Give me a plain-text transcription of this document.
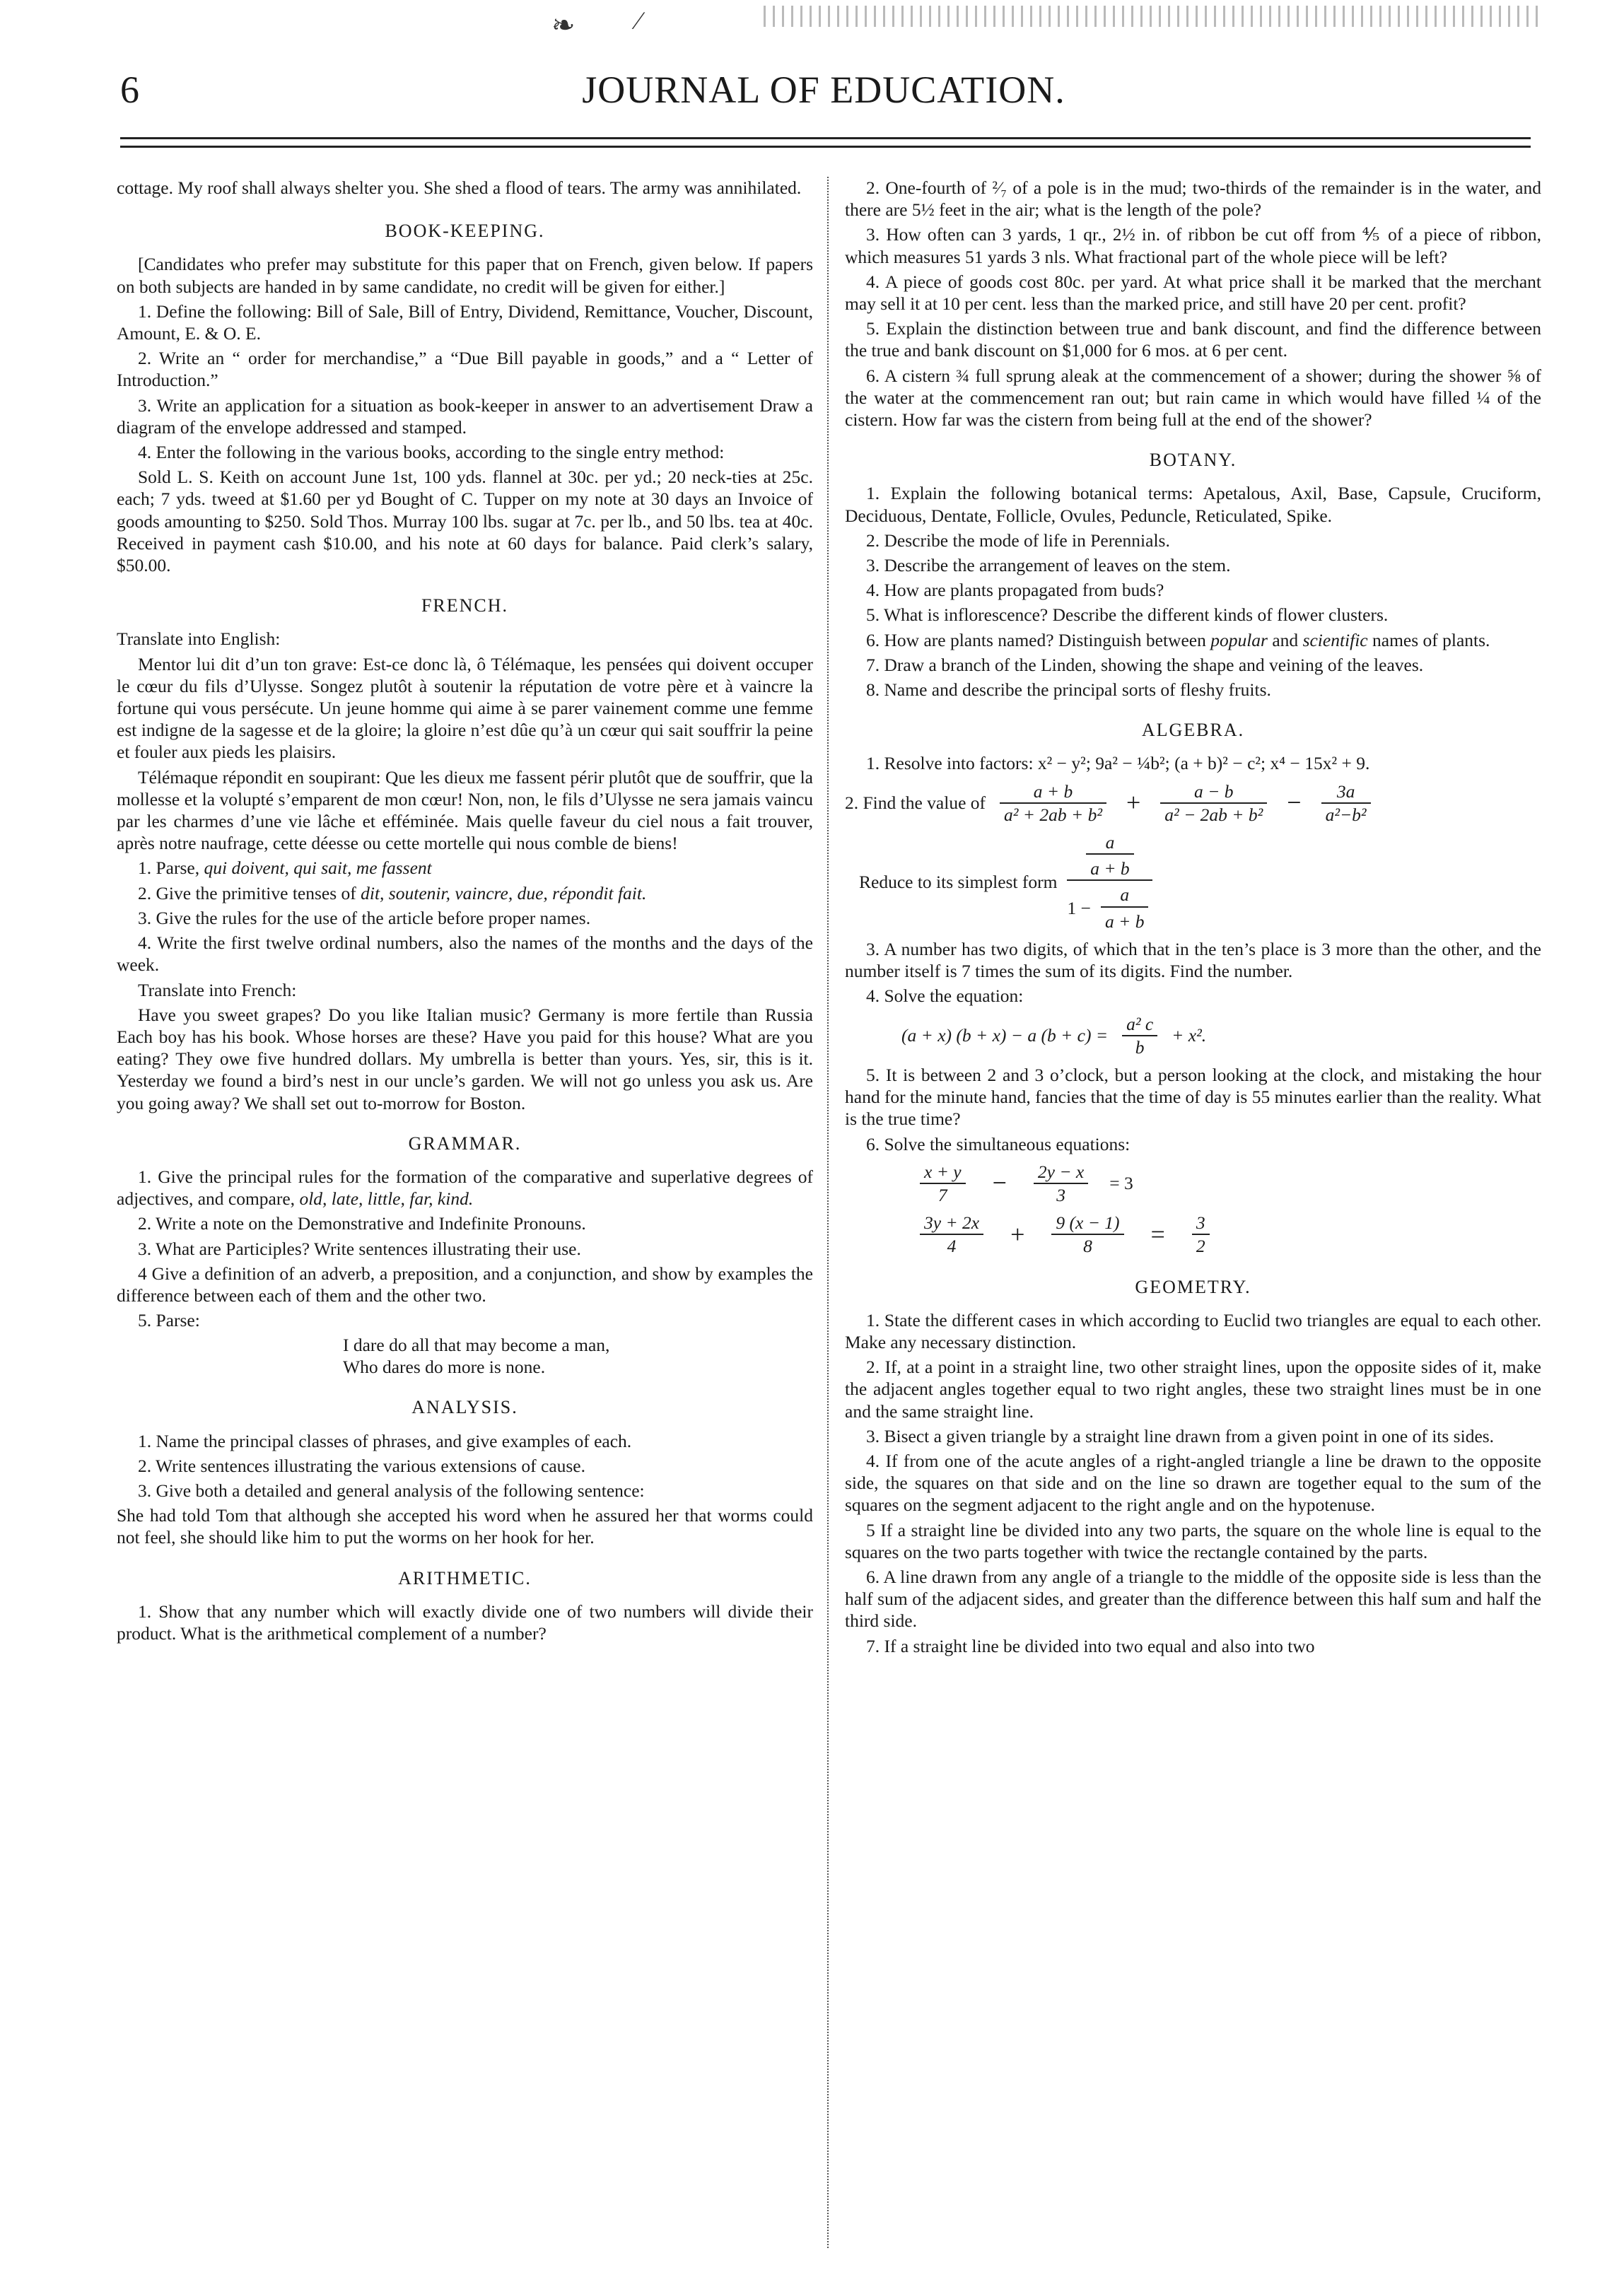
❧ ∕
6	JOURNAL OF EDUCATION.

cottage. My roof shall always shelter you. She shed a flood of tears. The army was annihilated.

BOOK-KEEPING.

[Candidates who prefer may substitute for this paper that on French, given below. If papers on both subjects are handed in by same candidate, no credit will be given for either.]

1. Define the following: Bill of Sale, Bill of Entry, Dividend, Remittance, Voucher, Discount, Amount, E. & O. E.

2. Write an “ order for merchandise,” a “Due Bill payable in goods,” and a “ Letter of Introduction.”

3. Write an application for a situation as book-keeper in answer to an advertisement Draw a diagram of the envelope addressed and stamped.

4. Enter the following in the various books, according to the single entry method:

Sold L. S. Keith on account June 1st, 100 yds. flannel at 30c. per yd.; 20 neck-ties at 25c. each; 7 yds. tweed at $1.60 per yd Bought of C. Tupper on my note at 30 days an Invoice of goods amounting to $250. Sold Thos. Murray 100 lbs. sugar at 7c. per lb., and 50 lbs. tea at 40c. Received in payment cash $10.00, and his note at 60 days for balance. Paid clerk’s salary, $50.00.

FRENCH.

Translate into English:

Mentor lui dit d’un ton grave: Est-ce donc là, ô Télémaque, les pensées qui doivent occuper le cœur du fils d’Ulysse. Songez plutôt à soutenir la réputation de votre père et à vaincre la fortune qui vous persécute. Un jeune homme qui aime à se parer vainement comme une femme est indigne de la sagesse et de la gloire; la gloire n’est dûe qu’à un cœur qui sait souffrir la peine et fouler aux pieds les plaisirs.

Télémaque répondit en soupirant: Que les dieux me fassent périr plutôt que de souffrir, que la mollesse et la volupté s’emparent de mon cœur! Non, non, le fils d’Ulysse ne sera jamais vaincu par les charmes d’une vie lâche et efféminée. Mais quelle faveur du ciel nous a fait trouver, après notre naufrage, cette déesse ou cette mortelle qui nous comble de biens!

1. Parse, qui doivent, qui sait, me fassent

2. Give the primitive tenses of dit, soutenir, vaincre, due, répondit fait.

3. Give the rules for the use of the article before proper names.

4. Write the first twelve ordinal numbers, also the names of the months and the days of the week.

Translate into French:

Have you sweet grapes? Do you like Italian music? Germany is more fertile than Russia Each boy has his book. Whose horses are these? Have you paid for this house? What are you eating? They owe five hundred dollars. My umbrella is better than yours. Yes, sir, this is it. Yesterday we found a bird’s nest in our uncle’s garden. We will not go unless you ask us. Are you going away? We shall set out to-morrow for Boston.

GRAMMAR.

1. Give the principal rules for the formation of the comparative and superlative degrees of adjectives, and compare, old, late, little, far, kind.

2. Write a note on the Demonstrative and Indefinite Pronouns.

3. What are Participles? Write sentences illustrating their use.

4 Give a definition of an adverb, a preposition, and a conjunction, and show by examples the difference between each of them and the other two.

5. Parse:

I dare do all that may become a man,
Who dares do more is none.
ANALYSIS.

1. Name the principal classes of phrases, and give examples of each.

2. Write sentences illustrating the various extensions of cause.

3. Give both a detailed and general analysis of the following sentence:

She had told Tom that although she accepted his word when he assured her that worms could not feel, she should like him to put the worms on her hook for her.

ARITHMETIC.

1. Show that any number which will exactly divide one of two numbers will divide their product. What is the arithmetical complement of a number?

2. One-fourth of ²⁄₇ of a pole is in the mud; two-thirds of the remainder is in the water, and there are 5½ feet in the air; what is the length of the pole?

3. How often can 3 yards, 1 qr., 2½ in. of ribbon be cut off from ⅘ of a piece of ribbon, which measures 51 yards 3 nls. What fractional part of the whole piece will be left?

4. A piece of goods cost 80c. per yard. At what price shall it be marked that the merchant may sell it at 10 per cent. less than the marked price, and still have 20 per cent. profit?

5. Explain the distinction between true and bank discount, and find the difference between the true and bank discount on $1,000 for 6 mos. at 6 per cent.

6. A cistern ¾ full sprung aleak at the commencement of a shower; during the shower ⅝ of the water at the commencement ran out; but rain came in which would have filled ¼ of the cistern. How far was the cistern from being full at the end of the shower?

BOTANY.

1. Explain the following botanical terms: Apetalous, Axil, Base, Capsule, Cruciform, Deciduous, Dentate, Follicle, Ovules, Peduncle, Reticulated, Spike.

2. Describe the mode of life in Perennials.

3. Describe the arrangement of leaves on the stem.

4. How are plants propagated from buds?

5. What is inflorescence? Describe the different kinds of flower clusters.

6. How are plants named? Distinguish between popular and scientific names of plants.

7. Draw a branch of the Linden, showing the shape and veining of the leaves.

8. Name and describe the principal sorts of fleshy fruits.

ALGEBRA.

1. Resolve into factors: x² − y²; 9a² − ¼b²; (a + b)² − c²; x⁴ − 15x² + 9.

2. Find the value of $\frac{a + b}{\text{a² + 2ab + b²}}$ +	$\frac{a - b}{\text{a² − 2ab + b²}}$ −	$\frac{3a}{\text{a²−b²}}$
Reduce to its simplest form $\frac{\frac{a}{a + b}}{1 - \frac{a}{a + b}}$

3. A number has two digits, of which that in the ten’s place is 3 more than the other, and the number itself is 7 times the sum of its digits. Find the number.

4. Solve the equation:

(a + x) (b + x) − a $(b + c) = \frac{\text{a² c}}{b} + x^2$.

5. It is between 2 and 3 o’clock, but a person looking at the clock, and mistaking the hour hand for the minute hand, fancies that the time of day is 55 minutes earlier than the reality. What is the true time?

6. Solve the simultaneous equations:

$\frac{x + y}{7}$ −	$\frac{2y - x}{3} = 3$
$\frac{3y + 2x}{4}$ +	$\frac{9 (x - 1)}{8}$ =	$\frac{3}{2}$
GEOMETRY.

1. State the different cases in which according to Euclid two triangles are equal to each other. Make any necessary distinction.

2. If, at a point in a straight line, two other straight lines, upon the opposite sides of it, make the adjacent angles together equal to two right angles, these two straight lines must be in one and the same straight line.

3. Bisect a given triangle by a straight line drawn from a given point in one of its sides.

4. If from one of the acute angles of a right-angled triangle a line be drawn to the opposite side, the squares on that side and on the line so drawn are together equal to the sum of the squares on the segment adjacent to the right angle and on the hypotenuse.

5 If a straight line be divided into any two parts, the square on the whole line is equal to the squares on the two parts together with twice the rectangle contained by the parts.

6. A line drawn from any angle of a triangle to the middle of the opposite side is less than the half sum of the adjacent sides, and greater than the difference between this half sum and half the third side.

7. If a straight line be divided into two equal and also into two
